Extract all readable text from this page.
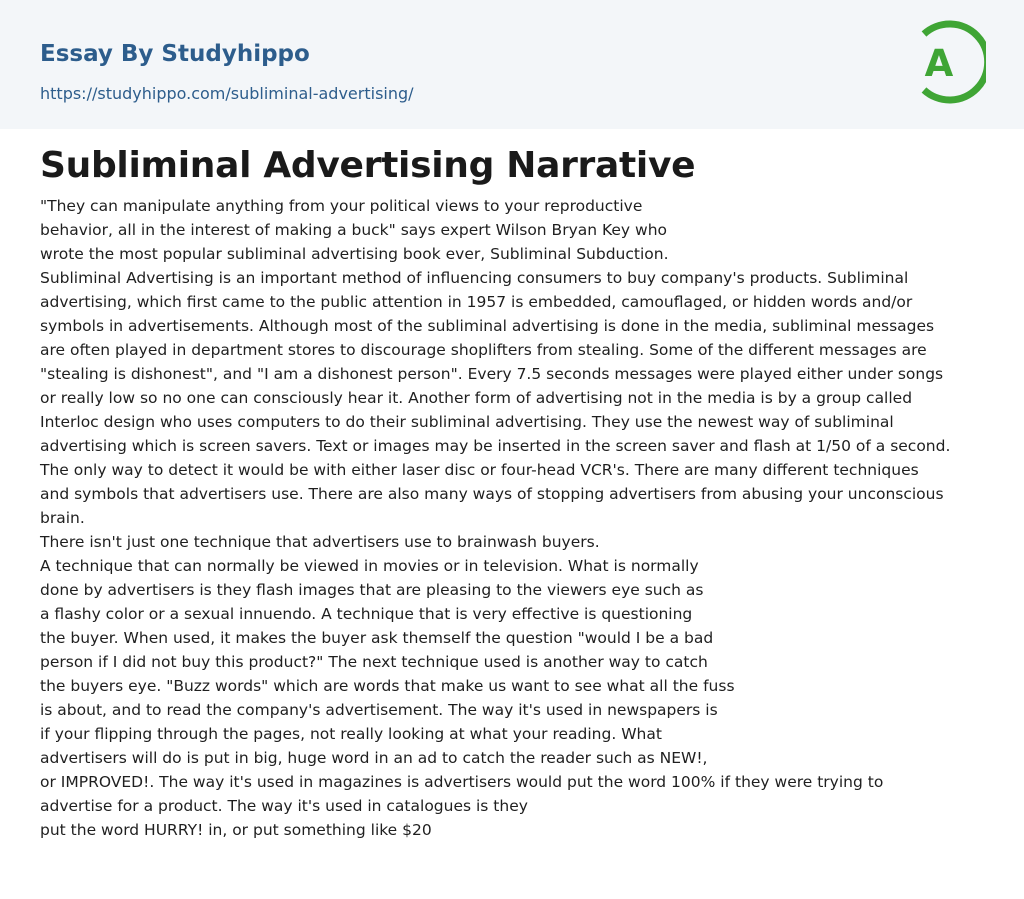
Essay By Studyhippo
https://studyhippo.com/subliminal-advertising/
A
Subliminal Advertising Narrative
"They can manipulate anything from your political views to your reproductive
behavior, all in the interest of making a buck" says expert Wilson Bryan Key who
wrote the most popular subliminal advertising book ever, Subliminal Subduction.
Subliminal Advertising is an important method of influencing consumers to buy company's products. Subliminal
advertising, which first came to the public attention in 1957 is embedded, camouflaged, or hidden words and/or
symbols in advertisements. Although most of the subliminal advertising is done in the media, subliminal messages
are often played in department stores to discourage shoplifters from stealing. Some of the different messages are
"stealing is dishonest", and "I am a dishonest person". Every 7.5 seconds messages were played either under songs
or really low so no one can consciously hear it. Another form of advertising not in the media is by a group called
Interloc design who uses computers to do their subliminal advertising. They use the newest way of subliminal
advertising which is screen savers. Text or images may be inserted in the screen saver and flash at 1/50 of a second.
The only way to detect it would be with either laser disc or four-head VCR's. There are many different techniques
and symbols that advertisers use. There are also many ways of stopping advertisers from abusing your unconscious
brain.
There isn't just one technique that advertisers use to brainwash buyers.
A technique that can normally be viewed in movies or in television. What is normally
done by advertisers is they flash images that are pleasing to the viewers eye such as
a flashy color or a sexual innuendo. A technique that is very effective is questioning
the buyer. When used, it makes the buyer ask themself the question "would I be a bad
person if I did not buy this product?" The next technique used is another way to catch
the buyers eye. "Buzz words" which are words that make us want to see what all the fuss
is about, and to read the company's advertisement. The way it's used in newspapers is
if your flipping through the pages, not really looking at what your reading. What
advertisers will do is put in big, huge word in an ad to catch the reader such as NEW!,
or IMPROVED!. The way it's used in magazines is advertisers would put the word 100% if they were trying to
advertise for a product. The way it's used in catalogues is they
put the word HURRY! in, or put something like $20
